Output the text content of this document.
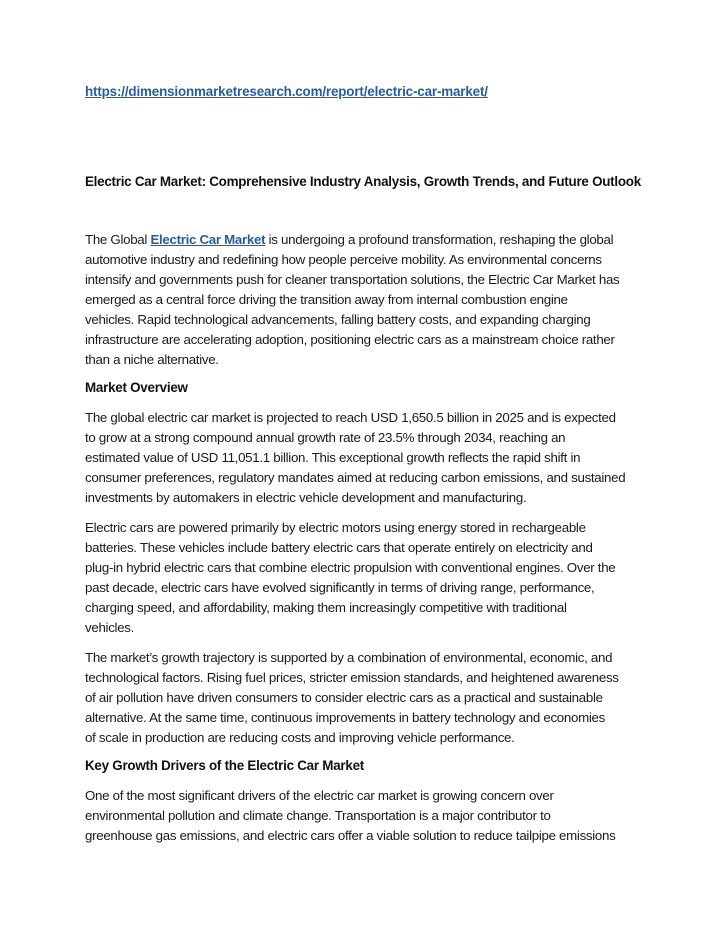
https://dimensionmarketresearch.com/report/electric-car-market/
Electric Car Market: Comprehensive Industry Analysis, Growth Trends, and Future Outlook
The Global Electric Car Market is undergoing a profound transformation, reshaping the global
automotive industry and redefining how people perceive mobility. As environmental concerns
intensify and governments push for cleaner transportation solutions, the Electric Car Market has
emerged as a central force driving the transition away from internal combustion engine
vehicles. Rapid technological advancements, falling battery costs, and expanding charging
infrastructure are accelerating adoption, positioning electric cars as a mainstream choice rather
than a niche alternative.
Market Overview
The global electric car market is projected to reach USD 1,650.5 billion in 2025 and is expected
to grow at a strong compound annual growth rate of 23.5% through 2034, reaching an
estimated value of USD 11,051.1 billion. This exceptional growth reflects the rapid shift in
consumer preferences, regulatory mandates aimed at reducing carbon emissions, and sustained
investments by automakers in electric vehicle development and manufacturing.
Electric cars are powered primarily by electric motors using energy stored in rechargeable
batteries. These vehicles include battery electric cars that operate entirely on electricity and
plug-in hybrid electric cars that combine electric propulsion with conventional engines. Over the
past decade, electric cars have evolved significantly in terms of driving range, performance,
charging speed, and affordability, making them increasingly competitive with traditional
vehicles.
The market’s growth trajectory is supported by a combination of environmental, economic, and
technological factors. Rising fuel prices, stricter emission standards, and heightened awareness
of air pollution have driven consumers to consider electric cars as a practical and sustainable
alternative. At the same time, continuous improvements in battery technology and economies
of scale in production are reducing costs and improving vehicle performance.
Key Growth Drivers of the Electric Car Market
One of the most significant drivers of the electric car market is growing concern over
environmental pollution and climate change. Transportation is a major contributor to
greenhouse gas emissions, and electric cars offer a viable solution to reduce tailpipe emissions
